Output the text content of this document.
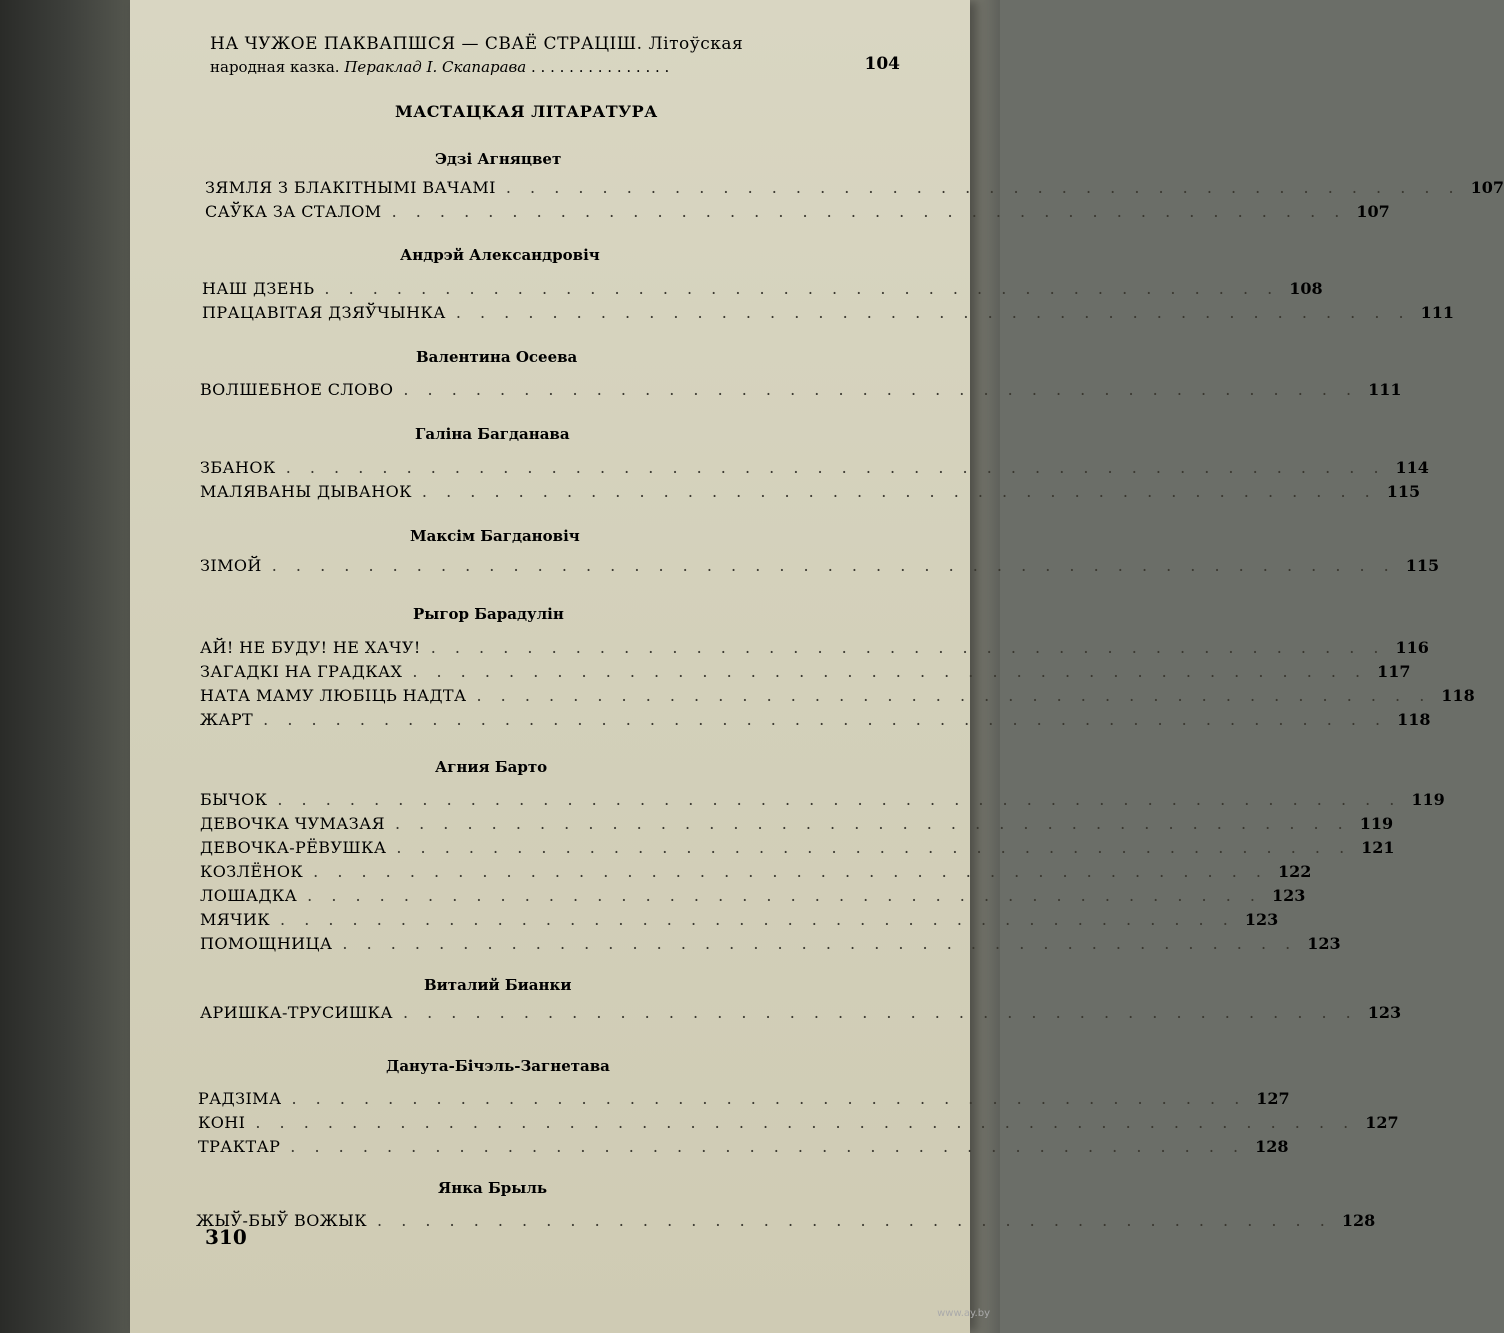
НА ЧУЖОЕ ПАКВАПШСЯ — СВАЁ СТРАЦІШ. Літоўская
народная казка. Пераклад І. Скапарава . . . . . . . . . . . . . . .	104
МАСТАЦКАЯ ЛІТАРАТУРА
Эдзі Агняцвет
ЗЯМЛЯ З БЛАКІТНЫМІ ВАЧАМІ . . . . . . . . . . . . . . . . . . . . . . . . . . . . . . . . . . . . . . . . 107
САЎКА ЗА СТАЛОМ . . . . . . . . . . . . . . . . . . . . . . . . . . . . . . . . . . . . . . . . 107
Андрэй Александровіч
НАШ ДЗЕНЬ . . . . . . . . . . . . . . . . . . . . . . . . . . . . . . . . . . . . . . . . 108
ПРАЦАВІТАЯ ДЗЯЎЧЫНКА . . . . . . . . . . . . . . . . . . . . . . . . . . . . . . . . . . . . . . . . 111
Валентина Осеева
ВОЛШЕБНОЕ СЛОВО . . . . . . . . . . . . . . . . . . . . . . . . . . . . . . . . . . . . . . . . 111
Галіна Багданава
ЗБАНОК . . . . . . . . . . . . . . . . . . . . . . . . . . . . . . . . . . . . . . . . . . . . . . 114
МАЛЯВАНЫ ДЫВАНОК . . . . . . . . . . . . . . . . . . . . . . . . . . . . . . . . . . . . . . . . 115
Максім Багдановіч
ЗІМОЙ . . . . . . . . . . . . . . . . . . . . . . . . . . . . . . . . . . . . . . . . . . . . . . . 115
Рыгор Барадулін
АЙ! НЕ БУДУ! НЕ ХАЧУ! . . . . . . . . . . . . . . . . . . . . . . . . . . . . . . . . . . . . . . . . 116
ЗАГАДКІ НА ГРАДКАХ . . . . . . . . . . . . . . . . . . . . . . . . . . . . . . . . . . . . . . . . 117
НАТА МАМУ ЛЮБІЦЬ НАДТА . . . . . . . . . . . . . . . . . . . . . . . . . . . . . . . . . . . . . . . . 118
ЖАРТ . . . . . . . . . . . . . . . . . . . . . . . . . . . . . . . . . . . . . . . . . . . . . . . 118
Агния Барто
БЫЧОК . . . . . . . . . . . . . . . . . . . . . . . . . . . . . . . . . . . . . . . . . . . . . . . 119
ДЕВОЧКА ЧУМАЗАЯ . . . . . . . . . . . . . . . . . . . . . . . . . . . . . . . . . . . . . . . . 119
ДЕВОЧКА-РЁВУШКА . . . . . . . . . . . . . . . . . . . . . . . . . . . . . . . . . . . . . . . . 121
КОЗЛЁНОК . . . . . . . . . . . . . . . . . . . . . . . . . . . . . . . . . . . . . . . . 122
ЛОШАДКА . . . . . . . . . . . . . . . . . . . . . . . . . . . . . . . . . . . . . . . . 123
МЯЧИК . . . . . . . . . . . . . . . . . . . . . . . . . . . . . . . . . . . . . . . . 123
ПОМОЩНИЦА . . . . . . . . . . . . . . . . . . . . . . . . . . . . . . . . . . . . . . . . 123
Виталий Бианки
АРИШКА-ТРУСИШКА . . . . . . . . . . . . . . . . . . . . . . . . . . . . . . . . . . . . . . . . 123
Данута-Бічэль-Загнетава
РАДЗІМА . . . . . . . . . . . . . . . . . . . . . . . . . . . . . . . . . . . . . . . . 127
КОНІ . . . . . . . . . . . . . . . . . . . . . . . . . . . . . . . . . . . . . . . . . . . . . . 127
ТРАКТАР . . . . . . . . . . . . . . . . . . . . . . . . . . . . . . . . . . . . . . . . 128
Янка Брыль
ЖЫЎ-БЫЎ ВОЖЫК . . . . . . . . . . . . . . . . . . . . . . . . . . . . . . . . . . . . . . . . 128
310
www.ay.by
